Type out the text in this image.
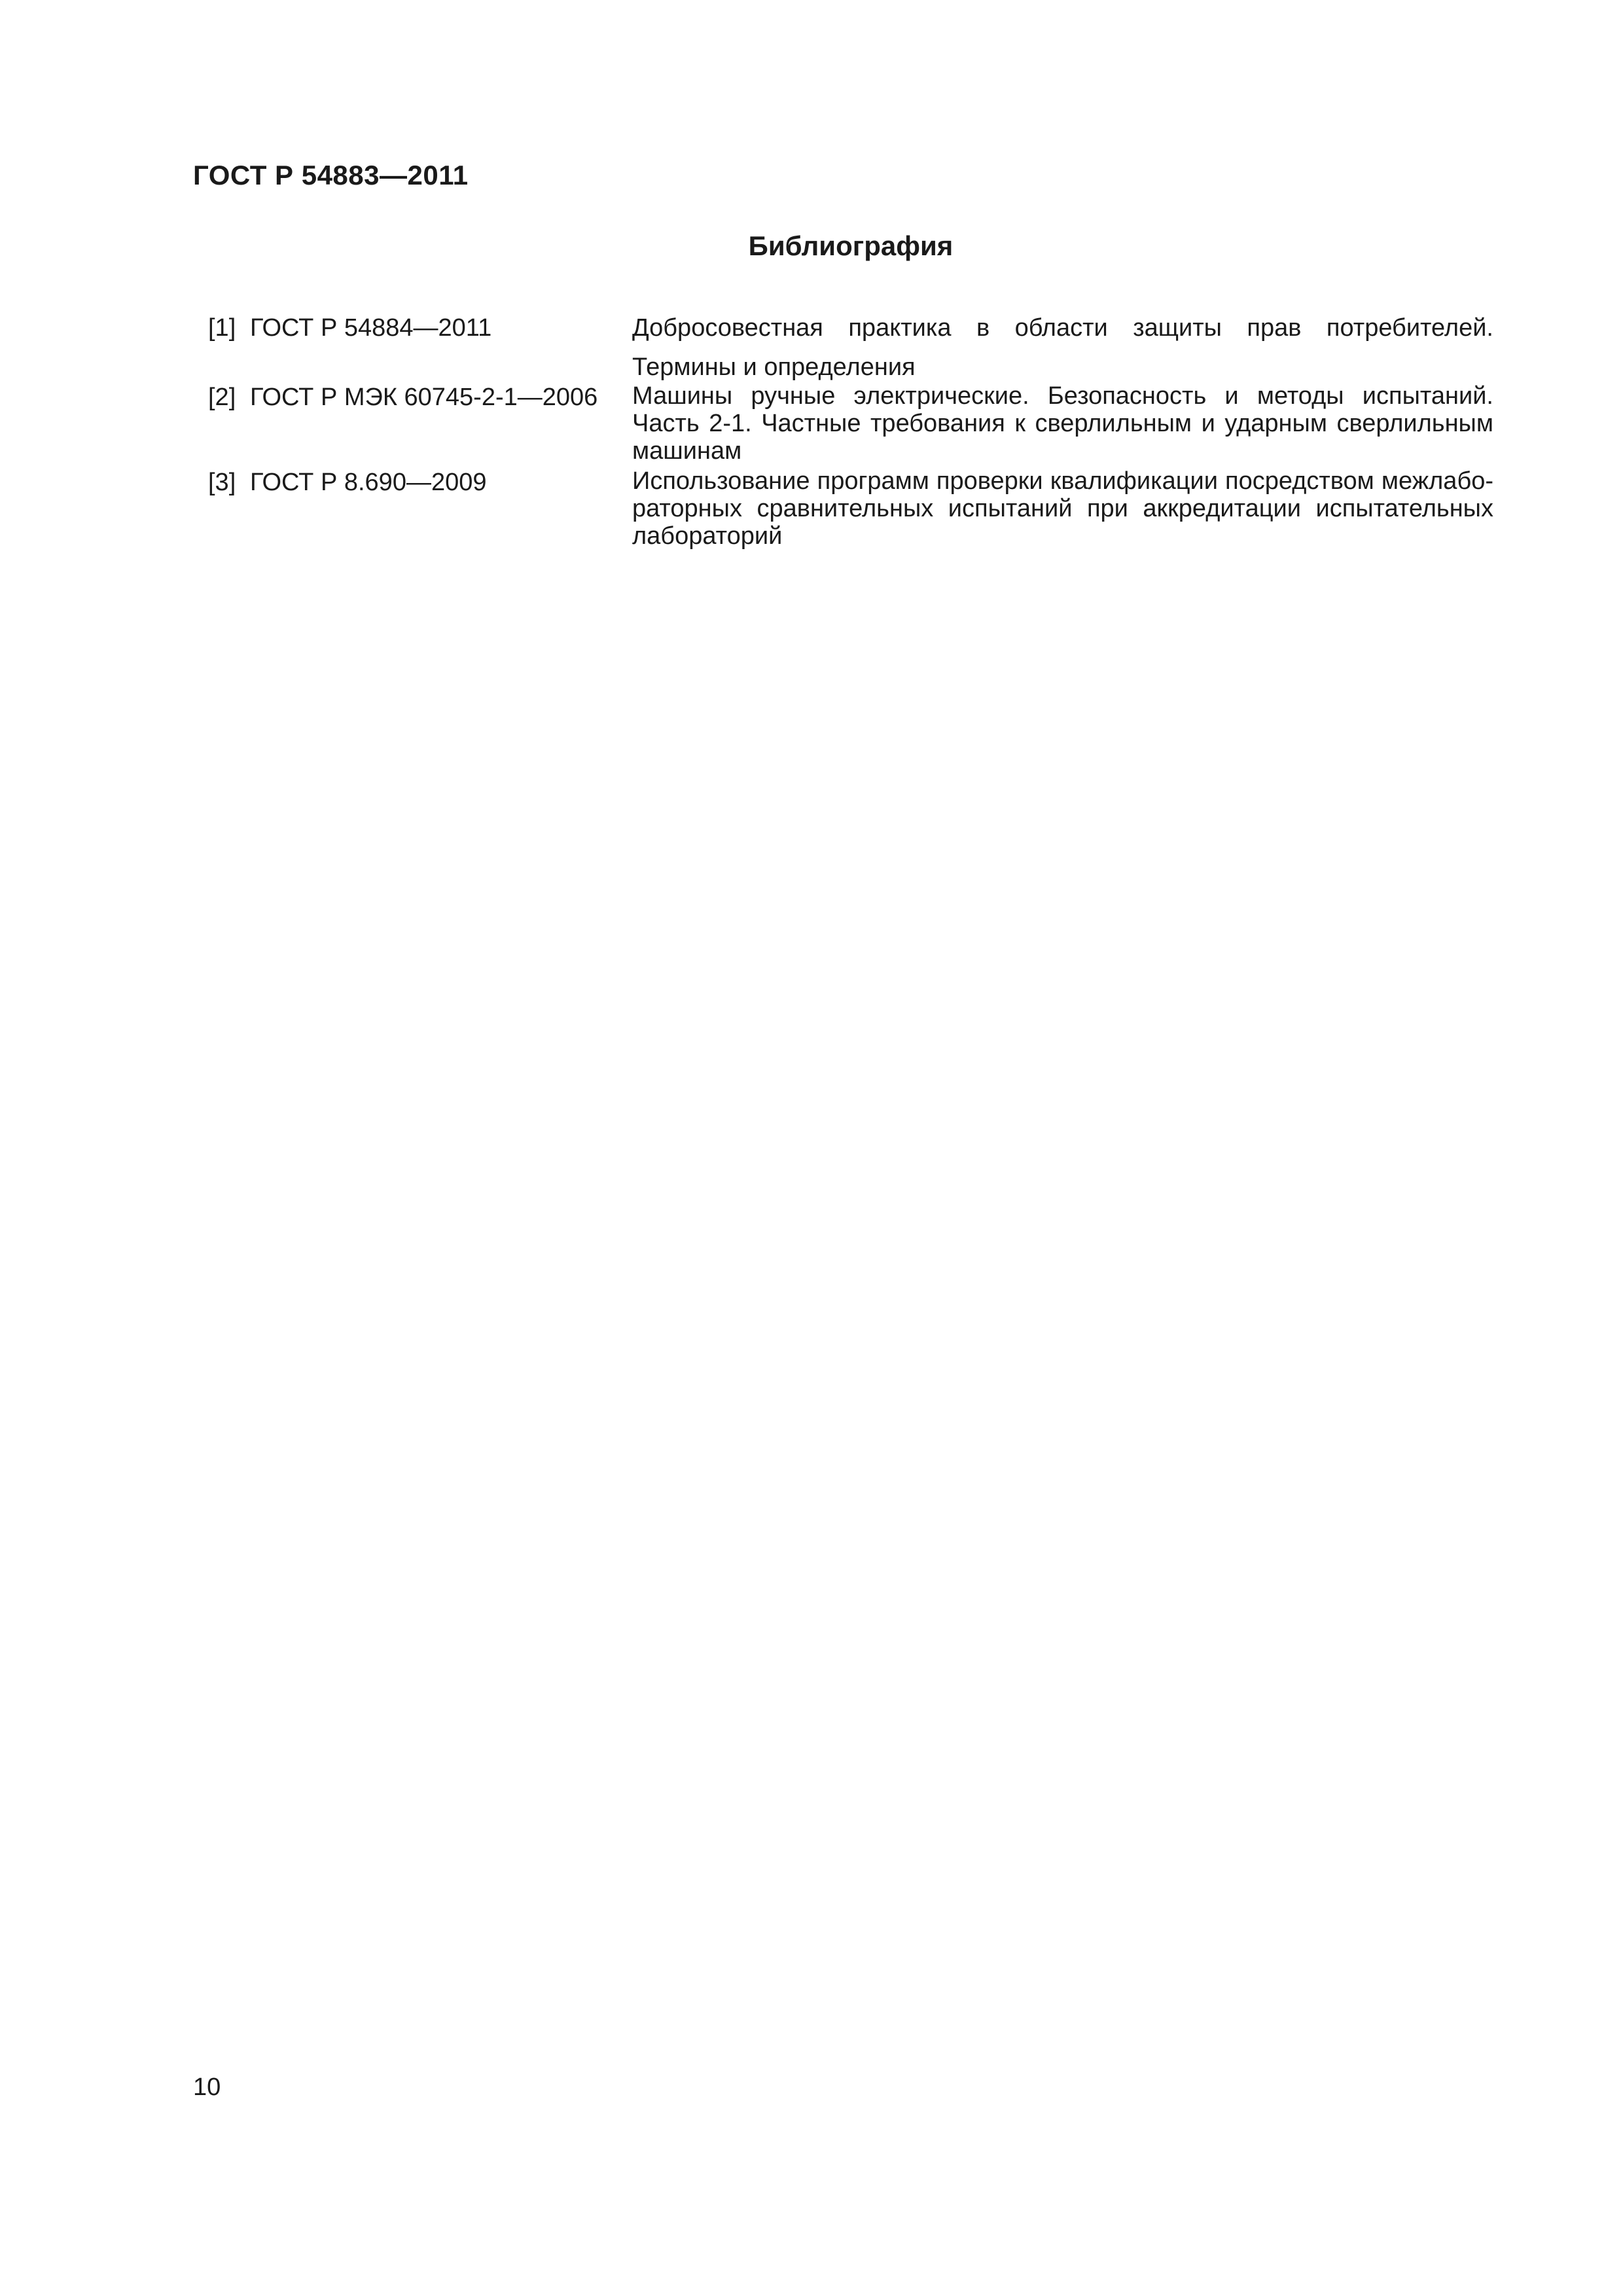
ГОСТ Р 54883—2011
Библиография
[1] ГОСТ Р 54884—2011	Добросовестная практика в области защиты прав потребителей. Термины и определения
[2] ГОСТ Р МЭК 60745-2-1—2006	Машины ручные электрические. Безопасность и методы испытаний. Часть 2-1. Частные требования к сверлильным и ударным сверлильным машинам
[3] ГОСТ Р 8.690—2009	Использование программ проверки квалификации посредством межлабораторных сравнительных испытаний при аккредитации испытательных лабораторий
10
